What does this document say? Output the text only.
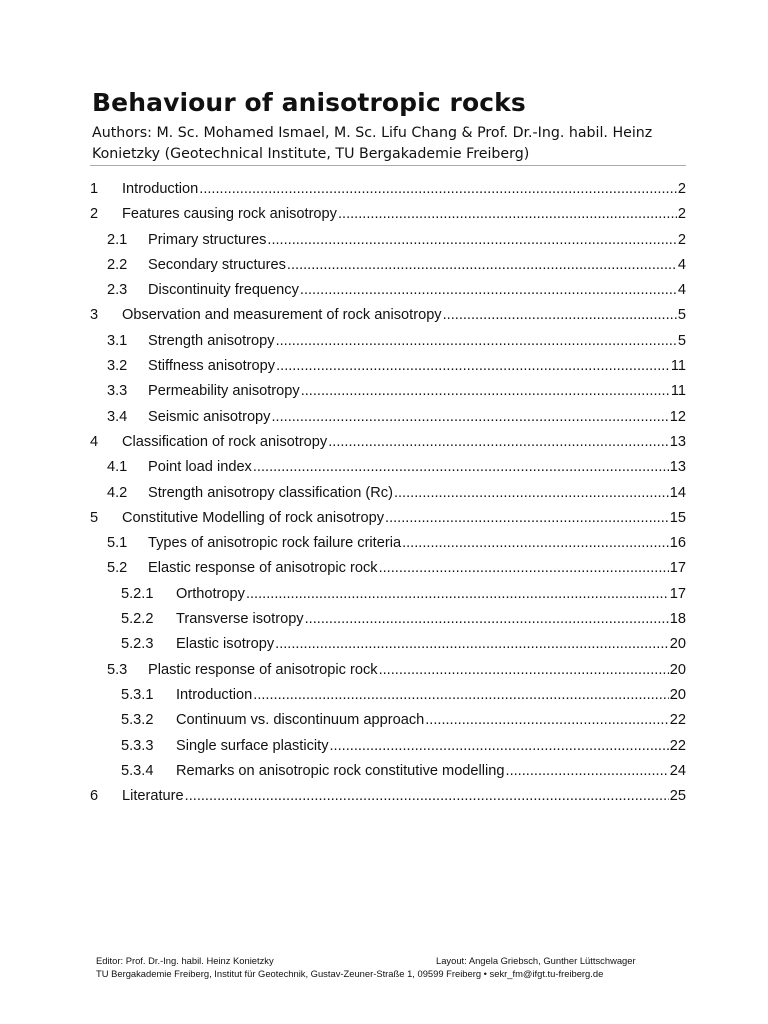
Behaviour of anisotropic rocks

Authors: M. Sc. Mohamed Ismael, M. Sc. Lifu Chang & Prof. Dr.-Ing. habil. Heinz Konietzky (Geotechnical Institute, TU Bergakademie Freiberg)

1	Introduction .....	2
2	Features causing rock anisotropy .....	2
2.1	Primary structures .....	2
2.2	Secondary structures .....	4
2.3	Discontinuity frequency .....	4
3	Observation and measurement of rock anisotropy .....	5
3.1	Strength anisotropy .....	5
3.2	Stiffness anisotropy .....	11
3.3	Permeability anisotropy .....	11
3.4	Seismic anisotropy .....	12
4	Classification of rock anisotropy .....	13
4.1	Point load index .....	13
4.2	Strength anisotropy classification (Rc) .....	14
5	Constitutive Modelling of rock anisotropy .....	15
5.1	Types of anisotropic rock failure criteria .....	16
5.2	Elastic response of anisotropic rock .....	17
5.2.1	Orthotropy .....	17
5.2.2	Transverse isotropy .....	18
5.2.3	Elastic isotropy .....	20
5.3	Plastic response of anisotropic rock .....	20
5.3.1	Introduction .....	20
5.3.2	Continuum vs. discontinuum approach .....	22
5.3.3	Single surface plasticity .....	22
5.3.4	Remarks on anisotropic rock constitutive modelling .....	24
6	Literature .....	25
Editor: Prof. Dr.-Ing. habil. Heinz Konietzky	Layout: Angela Griebsch, Gunther Lüttschwager
TU Bergakademie Freiberg, Institut für Geotechnik, Gustav-Zeuner-Straße 1, 09599 Freiberg • sekr_fm@ifgt.tu-freiberg.de
